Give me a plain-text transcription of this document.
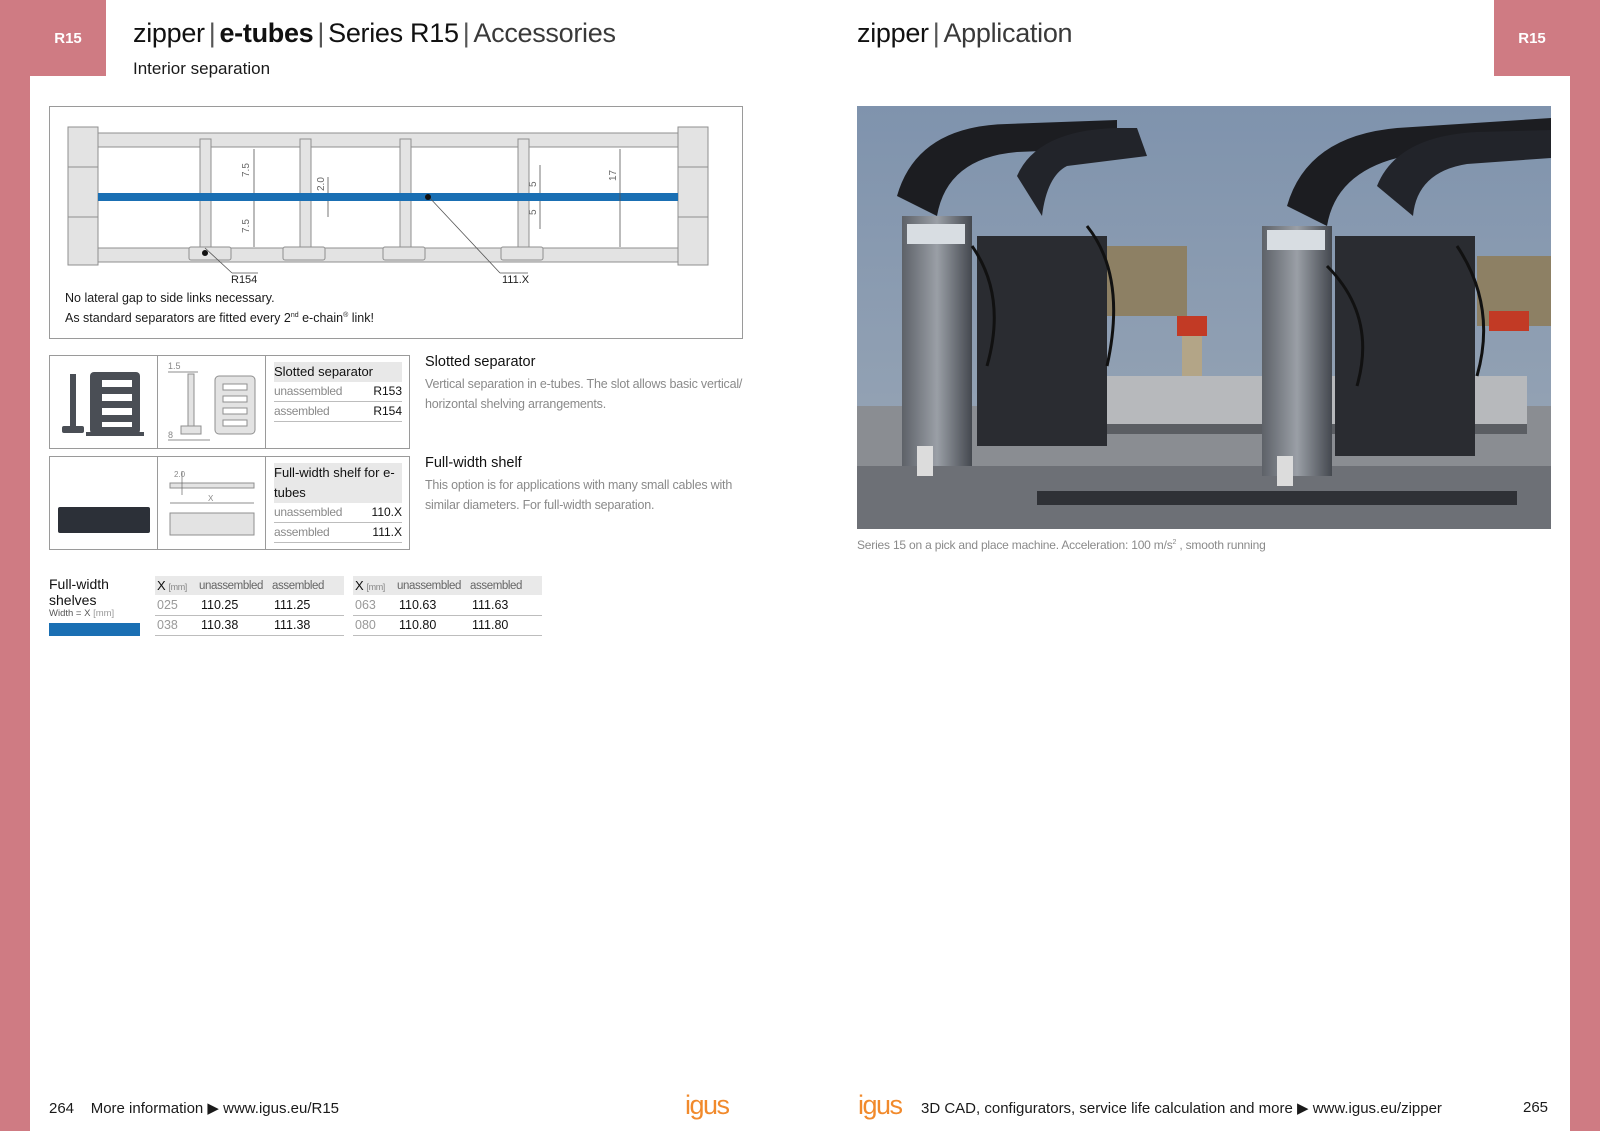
R15	R15
zipper | e-tubes | Series R15 | Accessories
Interior separation
7.5
7.5
2.0	5
5
17
R154	111.X
No lateral gap to side links necessary.
As standard separators are fitted every 2nd e-chain® link!
1.5
8
Slotted separator
unassembled	R153
assembled	R154
Slotted separator
Vertical separation in e-tubes. The slot allows basic vertical/ horizontal shelving arrangements.
2.0
X
Full-width shelf for e-tubes
unassembled 110.X
assembled	111.X
Full-width shelf
This option is for applications with many small cables with similar diameters. For full-width separation.
Full-width
shelves
Width = X [mm]
X [mm]	unassembled	assembled
025	110.25	111.25
038	110.38	111.38
X [mm]	unassembled	assembled
063	110.63	111.63
080	110.80	111.80
zipper | Application
Series 15 on a pick and place machine. Acceleration: 100 $m/s^2$ , smooth running
264 More information ▶ www.igus.eu/R15	igus	igus 3D CAD, configurators, service life calculation and more ▶ www.igus.eu/zipper	265
